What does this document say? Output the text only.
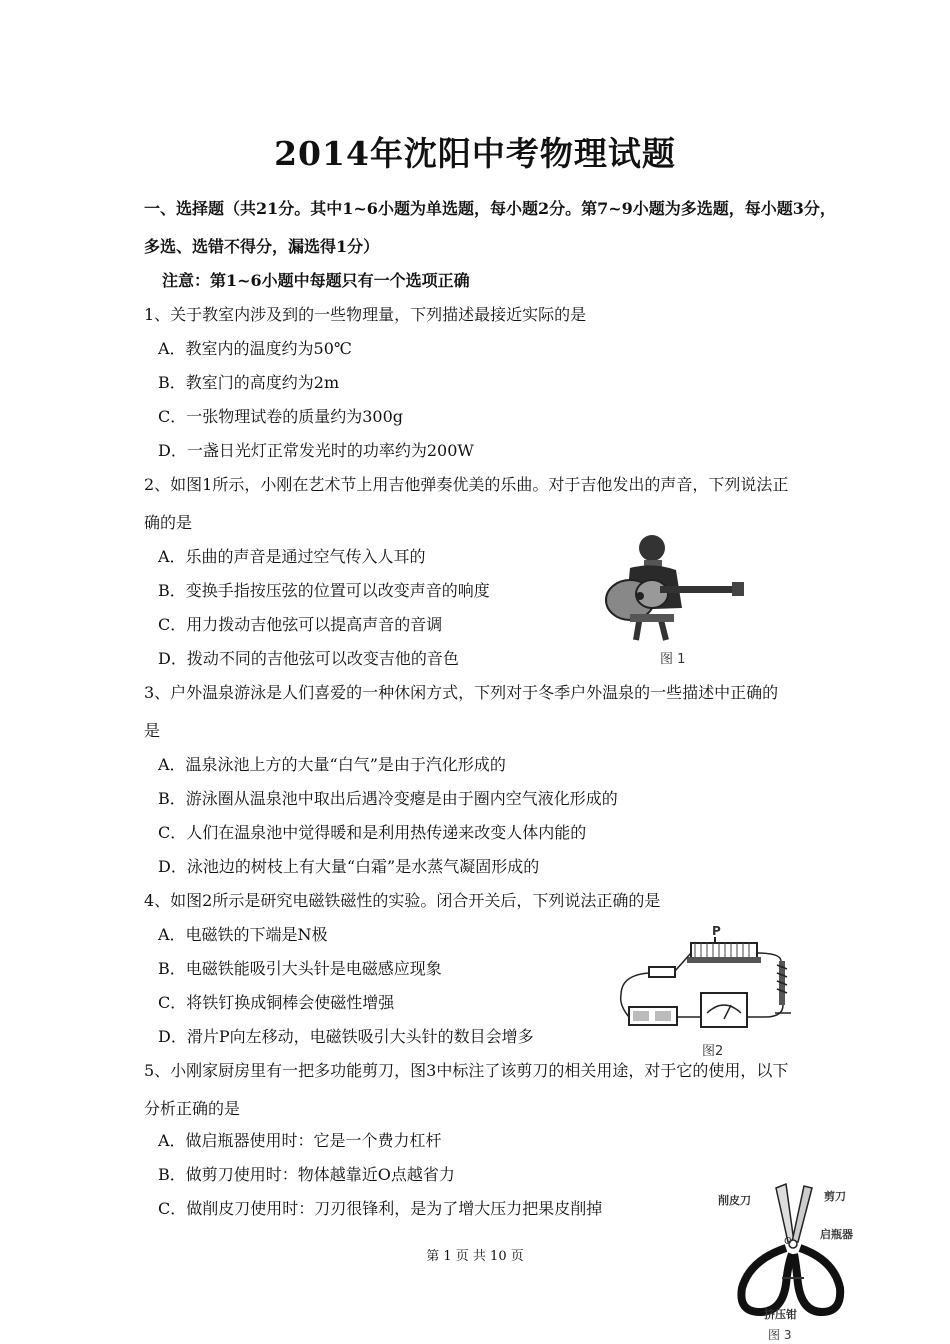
2014年沈阳中考物理试题
一、选择题（共21分。其中1~6小题为单选题，每小题2分。第7~9小题为多选题，每小题3分，
多选、选错不得分，漏选得1分）
注意：第1~6小题中每题只有一个选项正确
1、关于教室内涉及到的一些物理量，下列描述最接近实际的是
A．教室内的温度约为50℃
B．教室门的高度约为2m
C．一张物理试卷的质量约为300g
D．一盏日光灯正常发光时的功率约为200W
2、如图1所示，小刚在艺术节上用吉他弹奏优美的乐曲。对于吉他发出的声音，下列说法正
确的是
A．乐曲的声音是通过空气传入人耳的
B．变换手指按压弦的位置可以改变声音的响度
C．用力拨动吉他弦可以提高声音的音调
D．拨动不同的吉他弦可以改变吉他的音色	图 1
3、户外温泉游泳是人们喜爱的一种休闲方式，下列对于冬季户外温泉的一些描述中正确的
是
A．温泉泳池上方的大量“白气”是由于汽化形成的
B．游泳圈从温泉池中取出后遇冷变瘪是由于圈内空气液化形成的
C．人们在温泉池中觉得暖和是利用热传递来改变人体内能的
D．泳池边的树枝上有大量“白霜”是水蒸气凝固形成的
4、如图2所示是研究电磁铁磁性的实验。闭合开关后，下列说法正确的是
A．电磁铁的下端是N极
B．电磁铁能吸引大头针是电磁感应现象
C．将铁钉换成铜棒会使磁性增强
D．滑片P向左移动，电磁铁吸引大头针的数目会增多
P
图2
5、小刚家厨房里有一把多功能剪刀，图3中标注了该剪刀的相关用途，对于它的使用，以下
分析正确的是
A．做启瓶器使用时：它是一个费力杠杆
B．做剪刀使用时：物体越靠近O点越省力
C．做削皮刀使用时：刀刃很锋利，是为了增大压力把果皮削掉	削皮刀	剪刀
启瓶器
O
挤压钳
图 3
第 1 页 共 10 页
